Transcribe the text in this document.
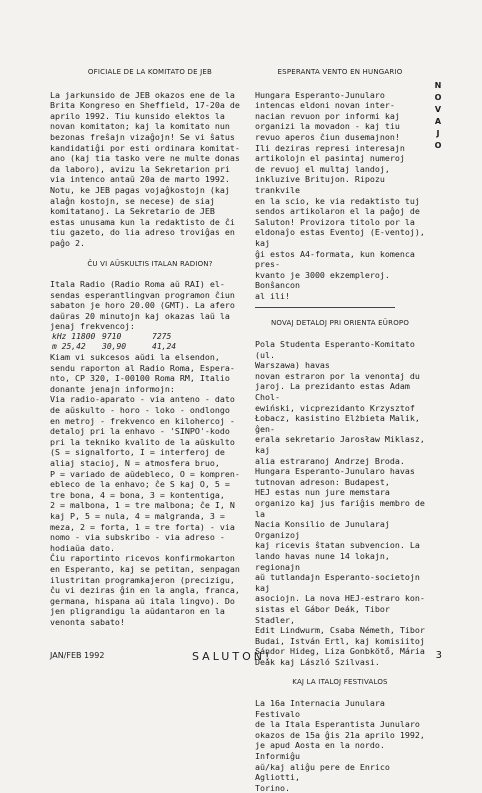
OFICIALE DE LA KOMITATO DE JEB

La jarkunsido de JEB okazos ene de la
Brita Kongreso en Sheffield, 17-20a de
aprilo 1992. Tiu kunsido elektos la
novan komitaton; kaj la komitato nun
bezonas freŝajn vizaĝojn! Se vi ŝatus
kandidatiĝi por esti ordinara komitat-
ano (kaj tia tasko vere ne multe donas
da laboro), avizu la Sekretarion pri
via intenco antaŭ 20a de marto 1992.
Notu, ke JEB pagas vojaĝkostojn (kaj
alaĝn kostojn, se necese) de siaj
komitatanoj. La Sekretario de JEB
estas unusama kun la redaktisto de ĉi
tiu gazeto, do lia adreso troviĝas en
paĝo 2.

ĈU VI AŬSKULTIS ITALAN RADION?

Itala Radio (Radio Roma aŭ RAI) el-
sendas esperantlingvan programon ĉiun
sabaton je horo 20.00 (GMT). La afero
daŭras 20 minutojn kaj okazas laŭ la
jenaj frekvencoj:

kHz 11800 9710	7275
m 25,42	30,90	41,24

Kiam vi sukcesos aŭdi la elsendon,
sendu raporton al Radio Roma, Espera-
nto, CP 320, I-00100 Roma RM, Italio
donante jenajn informojn:
Via radio-aparato - via anteno - dato
de aŭskulto - horo - loko - ondlongo
en metroj - frekvenco en kilohercoj -
detaloj pri la enhavo - 'SINPO'-kodo
pri la tekniko kvalito de la aŭskulto
(S = signalforto, I = interferoj de
aliaj stacioj, N = atmosfera bruo,
P = variado de aŭdebleco, O = kompren-
ebleco de la enhavo; ĉe S kaj O, 5 =
tre bona, 4 = bona, 3 = kontentiga,
2 = malbona, 1 = tre malbona; ĉe I, N
kaj P, 5 = nula, 4 = malgranda, 3 =
meza, 2 = forta, 1 = tre forta) - via
nomo - via subskribo - via adreso -
hodiaŭa dato.
Ĉiu raportinto ricevos konfirmokarton
en Esperanto, kaj se petitan, senpagan
ilustritan programkajeron (precizigu,
ĉu vi deziras ĝin en la angla, franca,
germana, hispana aŭ itala lingvo). Do
jen pligrandigu la aŭdantaron en la
venonta sabato!

ESPERANTA VENTO EN HUNGARIO

Hungara Esperanto-Junularo
intencas eldoni novan inter-
nacian revuon por informi kaj
organizi la movadon - kaj tiu
revuo aperos ĉiun dusemajnon!
Ili deziras represi interesajn
artikolojn el pasintaj numeroj
de revuoj el multaj landoj,
inkluzive Britujon. Ripozu trankvile
en la scio, ke via redaktisto tuj
sendos artikolaron el la paĝoj de
Saluton! Provizora titolo por la
eldonaĵo estas Eventoj (E-ventoj), kaj
ĝi estos A4-formata, kun komenca pres-
kvanto je 3000 ekzempleroj. Bonŝancon
al ili!

NOVAJ DETALOJ PRI ORIENTA EŬROPO

Pola Studenta Esperanto-Komitato (ul.
Warszawa) havas
novan estraron por la venontaj du
jaroj. La prezidanto estas Adam Chol-
ewiński, vicprezidanto Krzysztof
Łobacz, kasistino Elżbieta Malik, ĝen-
erala sekretario Jarosław Miklasz, kaj
alia estraranoj Andrzej Broda.
Hungara Esperanto-Junularo havas
tutnovan adreson: Budapest,
HEJ estas nun jure memstara
organizo kaj jus fariĝis membro de la
Nacia Konsilio de Junularaj Organizoj
kaj ricevis ŝtatan subvencion. La
lando havas nune 14 lokajn, regionajn
aŭ tutlandajn Esperanto-societojn kaj
asociojn. La nova HEJ-estraro kon-
sistas el Gábor Deák, Tibor Stadler,
Edit Lindwurm, Csaba Németh, Tibor
Budai, István Ertl, kaj komisiitoj
Sándor Hideg, Liza Gonbkötő, Mária
Deák kaj László Szilvasi.

KAJ LA ITALOJ FESTIVALOS

La 16a Internacia Junulara Festivalo
de la Itala Esperantista Junularo
okazos de 15a ĝis 21a aprilo 1992,
je apud Aosta en la nordo. Informiĝu
aŭ/kaj aliĝu pere de Enrico Agliotti,
Torino.

N
O
V
A
J
O
JAN/FEB 1992	SALUTON!	3
